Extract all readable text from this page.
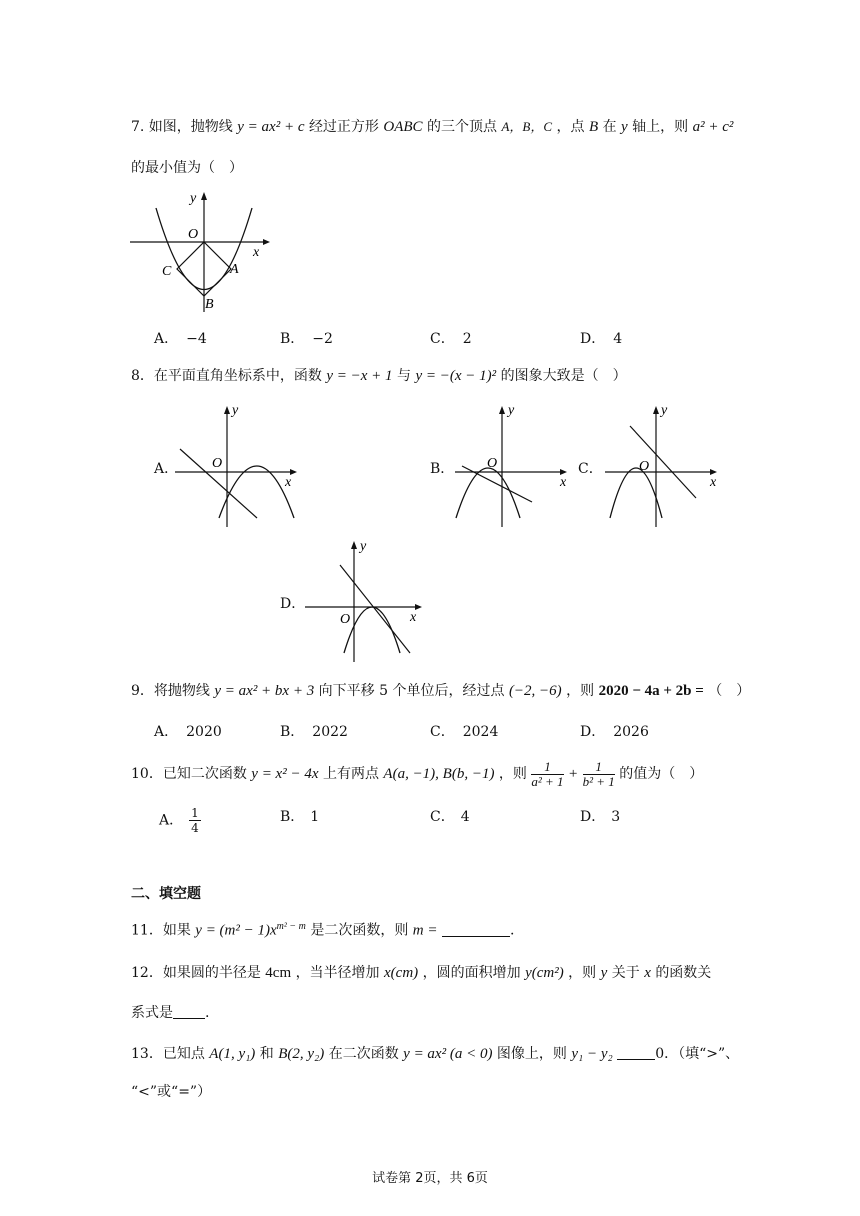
7. 如图，抛物线 y = ax² + c 经过正方形 OABC 的三个顶点 A，B，C ，点 B 在 y 轴上，则 a² + c²
的最小值为（　）
y
x
O
A
B
C
A． −4	B． −2	C． 2	D． 4
8．在平面直角坐标系中，函数 y = −x + 1 与 y = −(x − 1)² 的图象大致是（　）
A．
y
x
O	B．
y
x
O	C．
y
x
O
D．
y
x
O
9．将抛物线 y = ax² + bx + 3 向下平移 5 个单位后，经过点 (−2, −6) ，则 2020 − 4a + 2b = （　）
A． 2020	B． 2022	C． 2024	D． 2026
10．已知二次函数 y = x² − 4x 上有两点 A(a, −1), B(b, −1) ，则 $\frac{1}{\text{a² + 1}} + \frac{1}{\text{b² + 1}}$ 的值为（　）
A． $\frac{1}{4}$	B． 1	C． 4	D． 3
二、填空题
11．如果 $y = (m^2 - 1)x^{m^2 - m}$ 是二次函数，则 m =	.
12．如果圆的半径是 4cm ，当半径增加 x(cm) ，圆的面积增加 y(cm²) ，则 y 关于 x 的函数关
系式是 .
13．已知点 A(1, y₁) 和 B(2, y₂) 在二次函数 y = ax² (a < 0) 图像上，则 y₁ − y₂	0．（填“>”、
“<”或“=”）
试卷第 2页，共 6页
